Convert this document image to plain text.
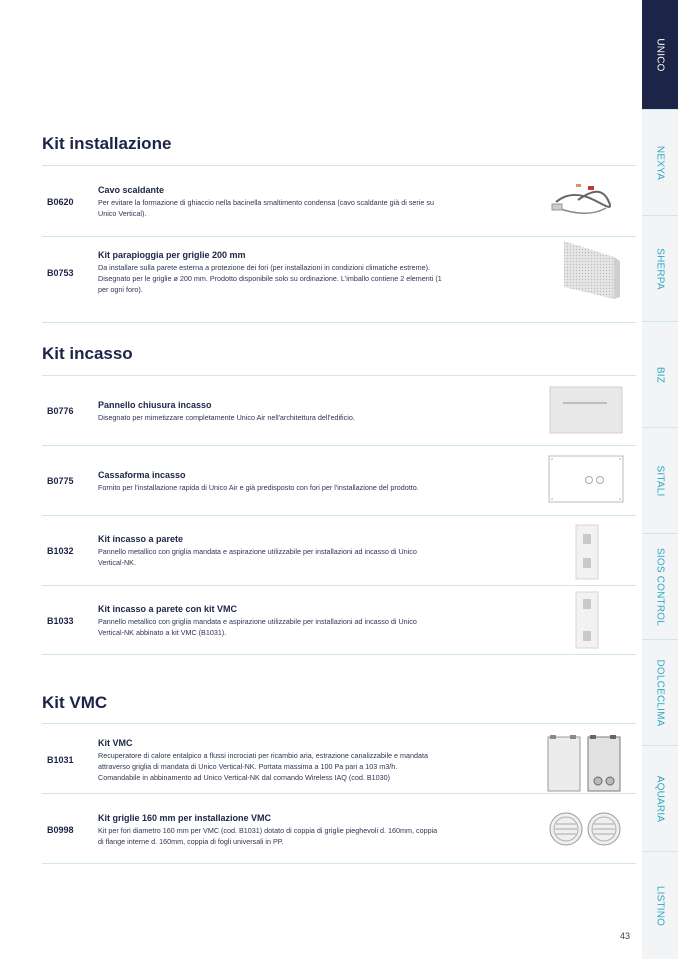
Kit installazione
B0620
Cavo scaldante
Per evitare la formazione di ghiaccio nella bacinella smaltimento condensa (cavo scaldante già di serie su
Unico Vertical).
B0753
Kit parapioggia per griglie 200 mm
Da installare sulla parete esterna a protezione dei fori (per installazioni in condizioni climatiche estreme).
Disegnato per le griglie ø 200 mm. Prodotto disponibile solo su ordinazione. L'imballo contiene 2 elementi (1
per ogni foro).
Kit incasso
B0776
Pannello chiusura incasso
Disegnato per mimetizzare completamente Unico Air nell'architettura dell'edificio.
B0775
Cassaforma incasso
Fornito per l'installazione rapida di Unico Air e già predisposto con fori per l'installazione del prodotto.
B1032
Kit incasso a parete
Pannello metallico con griglia mandata e aspirazione utilizzabile per installazioni ad incasso di Unico
Vertical-NK.
B1033
Kit incasso a parete con kit VMC
Pannello metallico con griglia mandata e aspirazione utilizzabile per installazioni ad incasso di Unico
Vertical-NK abbinato a kit VMC (B1031).
Kit VMC
B1031
Kit VMC
Recuperatore di calore entalpico a flussi incrociati per ricambio aria, estrazione canalizzabile e mandata
attraverso griglia di mandata di Unico Vertical-NK. Portata massima a 100 Pa pari a 103 m3/h.
Comandabile in abbinamento ad Unico Vertical-NK dal comando Wireless IAQ (cod. B1030)
B0998
Kit griglie 160 mm per installazione VMC
Kit per fori diametro 160 mm per VMC (cod. B1031) dotato di coppia di griglie pieghevoli d. 160mm, coppia
di flange interne d. 160mm, coppia di fogli universali in PP.
43
UNICO
NEXYA
SHERPA
BIZ
SITALI
SIOS CONTROL
DOLCECLIMA
AQUARIA
LISTINO
